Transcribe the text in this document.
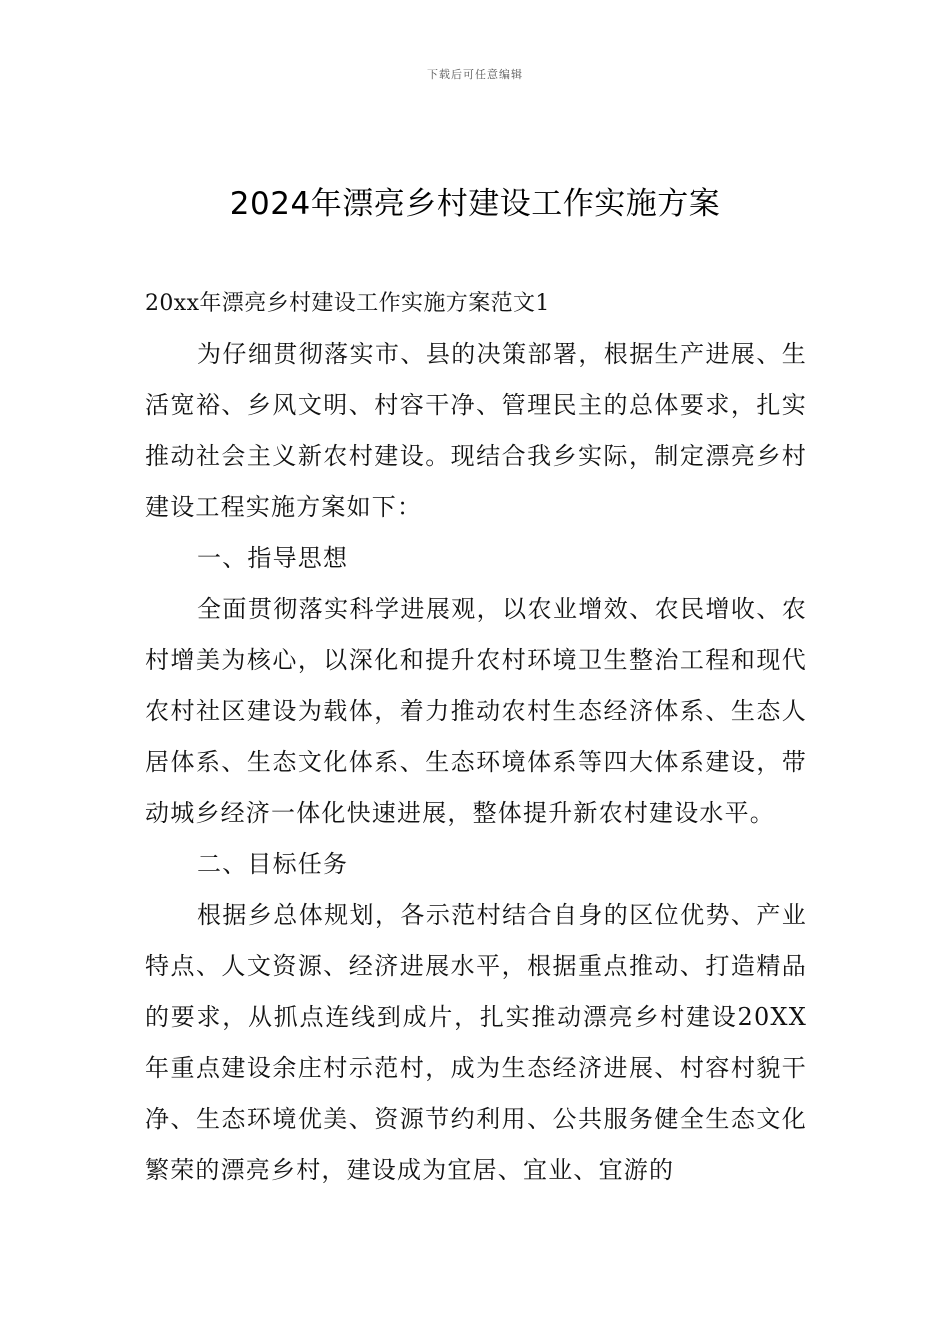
下载后可任意编辑
2024年漂亮乡村建设工作实施方案

20xx年漂亮乡村建设工作实施方案范文1

为仔细贯彻落实市、县的决策部署，根据生产进展、生活宽裕、乡风文明、村容干净、管理民主的总体要求，扎实推动社会主义新农村建设。现结合我乡实际，制定漂亮乡村建设工程实施方案如下：

一、指导思想

全面贯彻落实科学进展观，以农业增效、农民增收、农村增美为核心，以深化和提升农村环境卫生整治工程和现代农村社区建设为载体，着力推动农村生态经济体系、生态人居体系、生态文化体系、生态环境体系等四大体系建设，带动城乡经济一体化快速进展，整体提升新农村建设水平。

二、目标任务

根据乡总体规划，各示范村结合自身的区位优势、产业特点、人文资源、经济进展水平，根据重点推动、打造精品的要求，从抓点连线到成片，扎实推动漂亮乡村建设20XX年重点建设余庄村示范村，成为生态经济进展、村容村貌干净、生态环境优美、资源节约利用、公共服务健全生态文化繁荣的漂亮乡村，建设成为宜居、宜业、宜游的
